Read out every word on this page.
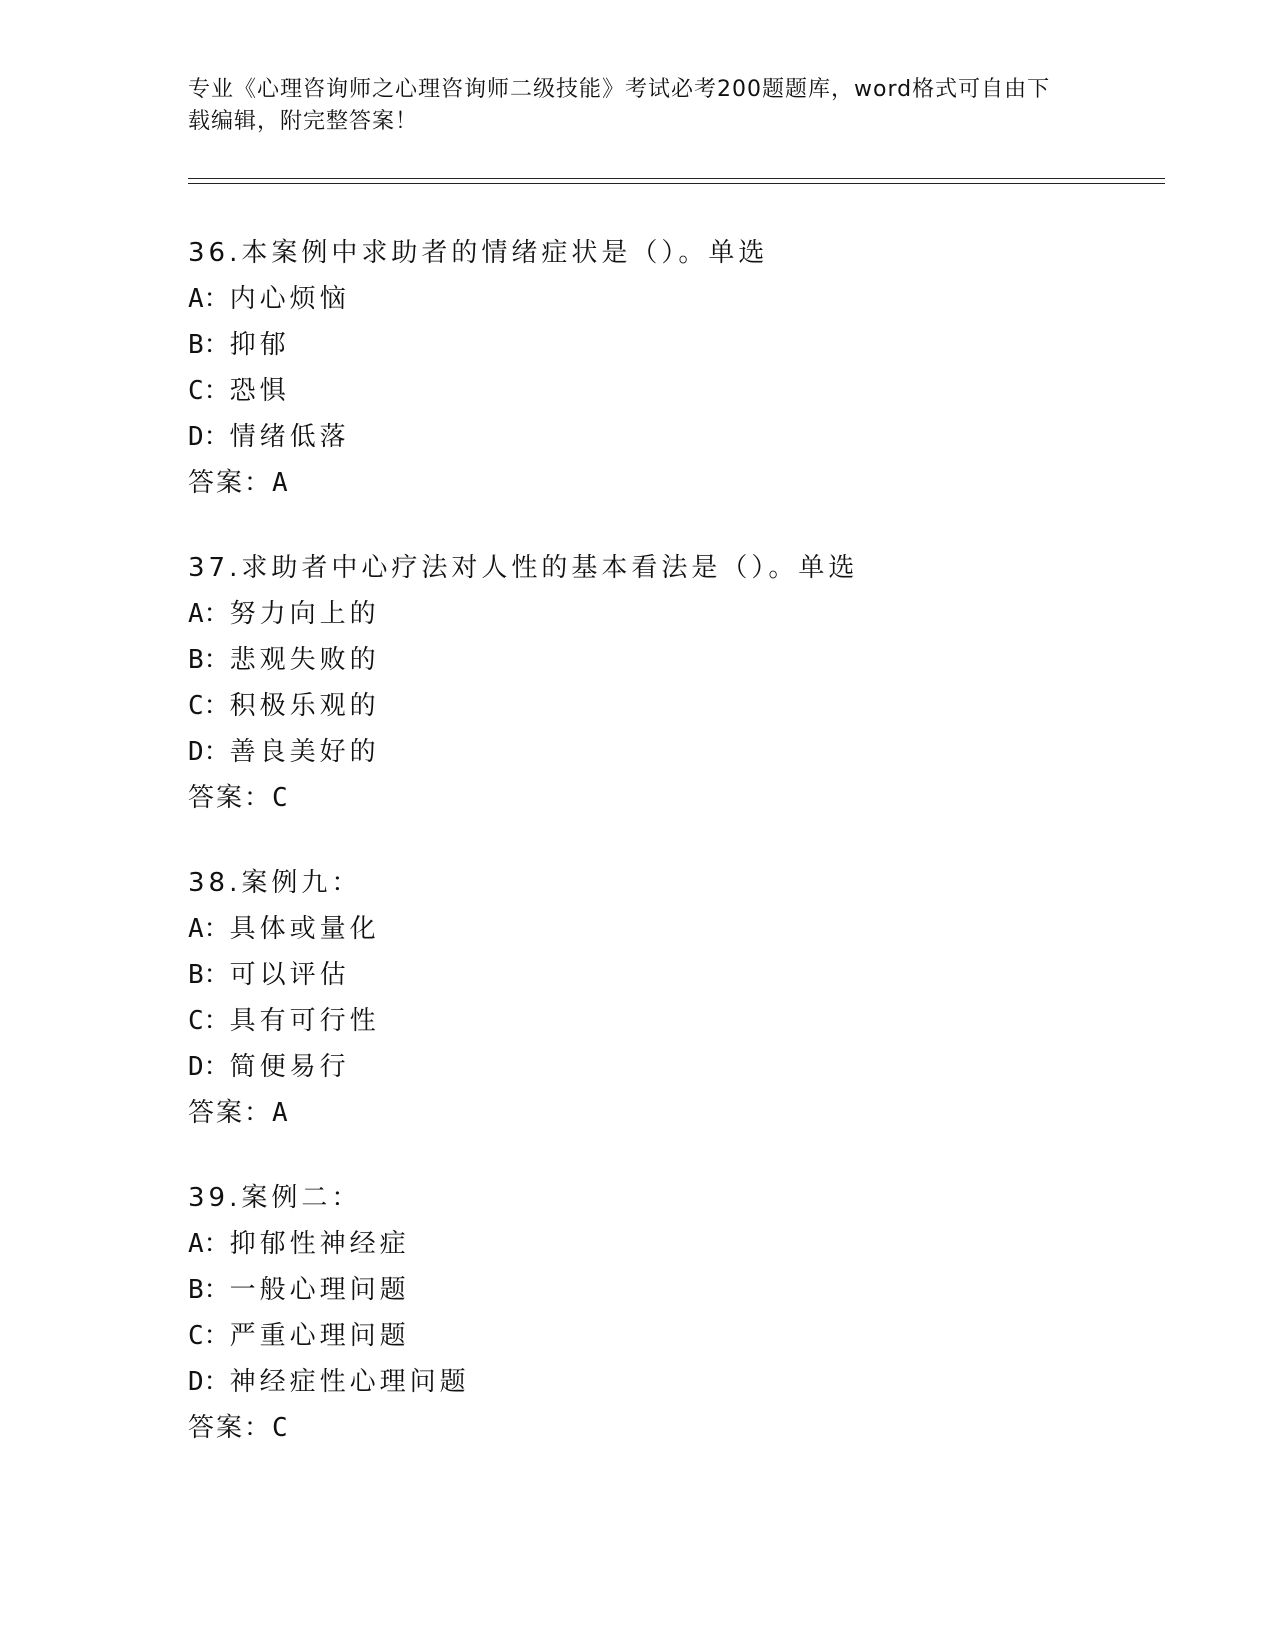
专业《心理咨询师之心理咨询师二级技能》考试必考200题题库，word格式可自由下载编辑，附完整答案！
36.本案例中求助者的情绪症状是（）。单选
A：内心烦恼
B：抑郁
C：恐惧
D：情绪低落
答案：A
37.求助者中心疗法对人性的基本看法是（）。单选
A：努力向上的
B：悲观失败的
C：积极乐观的
D：善良美好的
答案：C
38.案例九：
A：具体或量化
B：可以评估
C：具有可行性
D：简便易行
答案：A
39.案例二：
A：抑郁性神经症
B：一般心理问题
C：严重心理问题
D：神经症性心理问题
答案：C
